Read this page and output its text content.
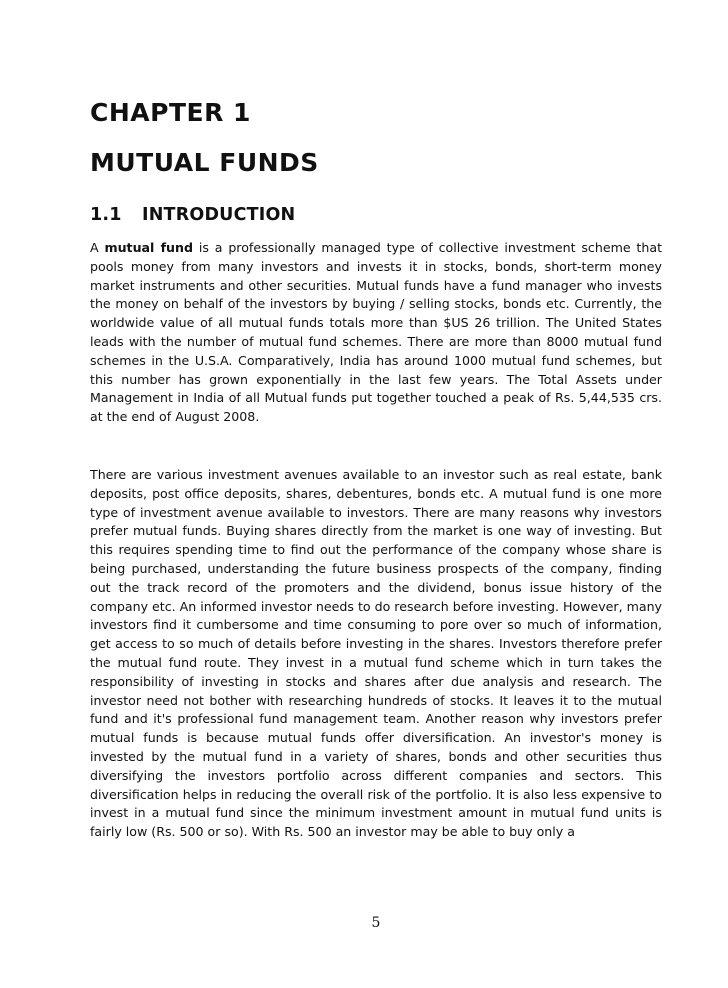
CHAPTER 1
MUTUAL FUNDS
1.1 INTRODUCTION

A mutual fund is a professionally managed type of collective investment scheme that pools money from many investors and invests it in stocks, bonds, short-term money market instruments and other securities. Mutual funds have a fund manager who invests the money on behalf of the investors by buying / selling stocks, bonds etc. Currently, the worldwide value of all mutual funds totals more than $US 26 trillion. The United States leads with the number of mutual fund schemes. There are more than 8000 mutual fund schemes in the U.S.A. Comparatively, India has around 1000 mutual fund schemes, but this number has grown exponentially in the last few years. The Total Assets under Management in India of all Mutual funds put together touched a peak of Rs. 5,44,535 crs. at the end of August 2008.

There are various investment avenues available to an investor such as real estate, bank deposits, post office deposits, shares, debentures, bonds etc. A mutual fund is one more type of investment avenue available to investors. There are many reasons why investors prefer mutual funds. Buying shares directly from the market is one way of investing. But this requires spending time to find out the performance of the company whose share is being purchased, understanding the future business prospects of the company, finding out the track record of the promoters and the dividend, bonus issue history of the company etc. An informed investor needs to do research before investing. However, many investors find it cumbersome and time consuming to pore over so much of information, get access to so much of details before investing in the shares. Investors therefore prefer the mutual fund route. They invest in a mutual fund scheme which in turn takes the responsibility of investing in stocks and shares after due analysis and research. The investor need not bother with researching hundreds of stocks. It leaves it to the mutual fund and it's professional fund management team. Another reason why investors prefer mutual funds is because mutual funds offer diversification. An investor's money is invested by the mutual fund in a variety of shares, bonds and other securities thus diversifying the investors portfolio across different companies and sectors. This diversification helps in reducing the overall risk of the portfolio. It is also less expensive to invest in a mutual fund since the minimum investment amount in mutual fund units is fairly low (Rs. 500 or so). With Rs. 500 an investor may be able to buy only a

5
